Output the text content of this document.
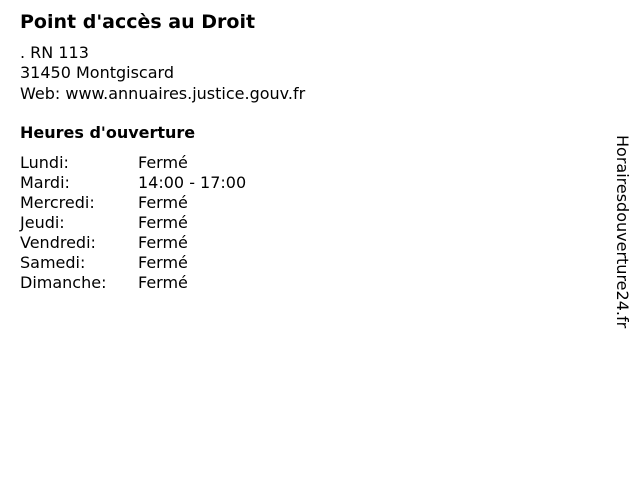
Point d'accès au Droit
. RN 113
31450 Montgiscard
Web: www.annuaires.justice.gouv.fr
Heures d'ouverture
Lundi:	Fermé
Mardi:	14:00 - 17:00
Mercredi:	Fermé
Jeudi:	Fermé
Vendredi:	Fermé
Samedi:	Fermé
Dimanche: Fermé	Horairesdouverture24.fr
